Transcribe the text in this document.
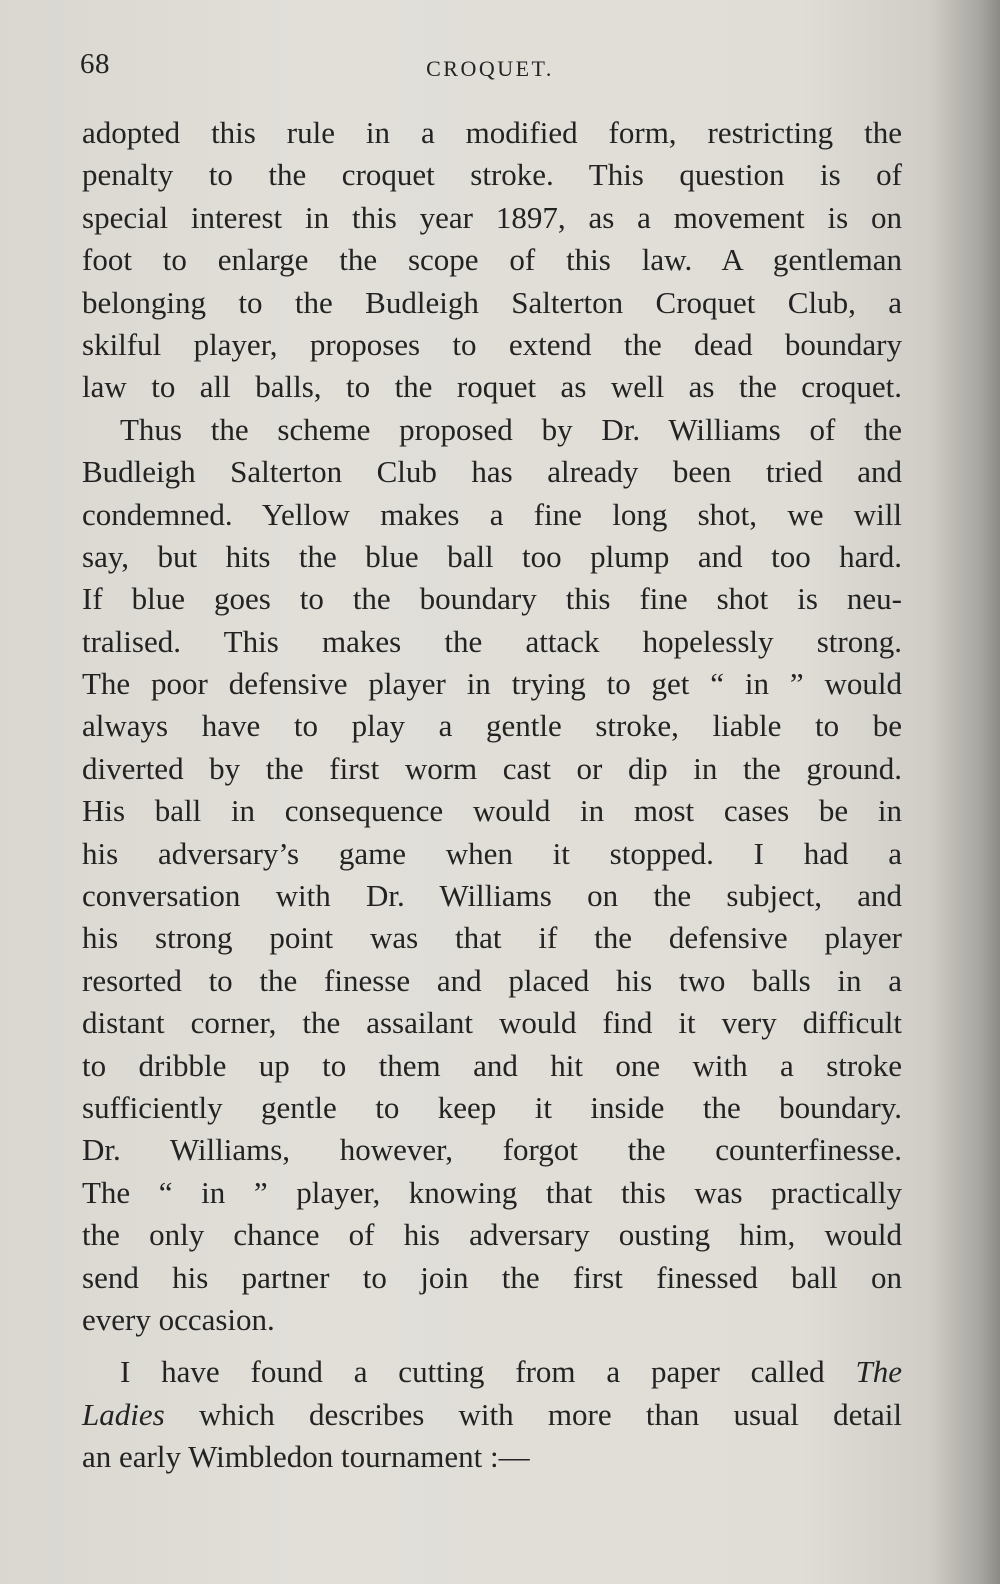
68	CROQUET.
adopted this rule in a modified form, restricting the
penalty to the croquet stroke. This question is of
special interest in this year 1897, as a movement is on
foot to enlarge the scope of this law. A gentleman
belonging to the Budleigh Salterton Croquet Club, a
skilful player, proposes to extend the dead boundary
law to all balls, to the roquet as well as the croquet.
Thus the scheme proposed by Dr. Williams of the
Budleigh Salterton Club has already been tried and
condemned. Yellow makes a fine long shot, we will
say, but hits the blue ball too plump and too hard.
If blue goes to the boundary this fine shot is neu-
tralised. This makes the attack hopelessly strong.
The poor defensive player in trying to get “ in ” would
always have to play a gentle stroke, liable to be
diverted by the first worm cast or dip in the ground.
His ball in consequence would in most cases be in
his adversary’s game when it stopped. I had a
conversation with Dr. Williams on the subject, and
his strong point was that if the defensive player
resorted to the finesse and placed his two balls in a
distant corner, the assailant would find it very difficult
to dribble up to them and hit one with a stroke
sufficiently gentle to keep it inside the boundary.
Dr. Williams, however, forgot the counterfinesse.
The “ in ” player, knowing that this was practically
the only chance of his adversary ousting him, would
send his partner to join the first finessed ball on
every occasion.
I have found a cutting from a paper called The
Ladies which describes with more than usual detail
an early Wimbledon tournament :—
